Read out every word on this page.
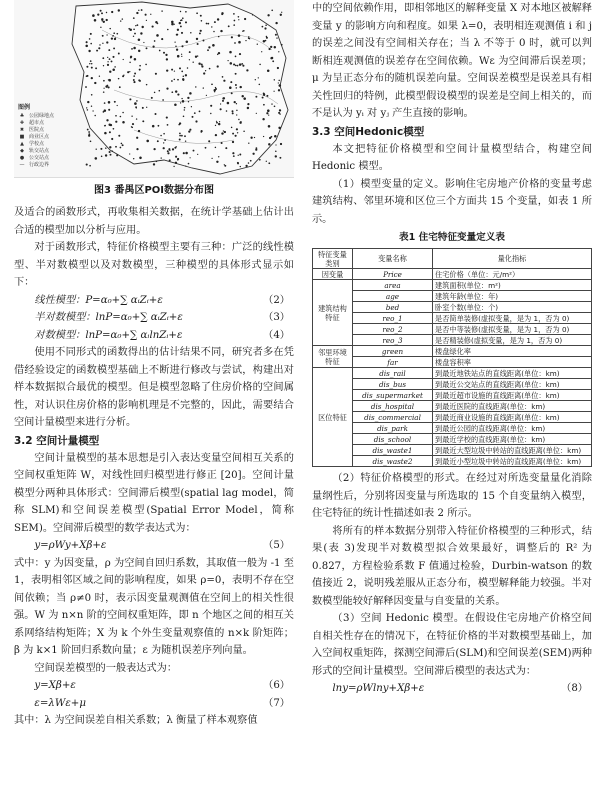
图例
♣ 公园绿地点
✚ 超市点
✖ 医院点
■ 商业区点
▲	学校点
◆	轨交站点
● 公交站点
— 行政边界
图3 番禺区POI数据分布图

及适合的函数形式，再收集相关数据，在统计学基础上估计出合适的模型加以分析与应用。

对于函数形式，特征价格模型主要有三种：广泛的线性模型、半对数模型以及对数模型，三种模型的具体形式显示如下：

线性模型：P=α₀+∑ αᵢZᵢ+ε	（2）
半对数模型：lnP=α₀+∑ αᵢZᵢ+ε	（3）
对数模型：lnP=α₀+∑ αᵢlnZᵢ+ε	（4）

使用不同形式的函数得出的估计结果不同，研究者多在凭借经验设定的函数模型基础上不断进行修改与尝试，构建出对样本数据拟合最优的模型。但是模型忽略了住房价格的空间属性，对认识住房价格的影响机理是不完整的，因此，需要结合空间计量模型来进行分析。

3.2 空间计量模型

空间计量模型的基本思想是引入表达变量空间相互关系的空间权重矩阵 W，对线性回归模型进行修正 [20]。空间计量模型分两种具体形式：空间滞后模型(spatial lag model，简称 SLM)和空间误差模型(Spatial Error Model，简称 SEM)。空间滞后模型的数学表达式为：

y=ρWy+Xβ+ε	（5）

式中：y 为因变量，ρ 为空间自回归系数，其取值一般为 -1 至 1，表明相邻区域之间的影响程度，如果 ρ=0，表明不存在空间依赖；当 ρ≠0 时，表示因变量观测值在空间上的相关性很强。W 为 n×n 阶的空间权重矩阵，即 n 个地区之间的相互关系网络结构矩阵；X 为 k 个外生变量观察值的 n×k 阶矩阵；β 为 k×1 阶回归系数向量；ε 为随机误差序列向量。

空间误差模型的一般表达式为：

y=Xβ+ε	（6）
ε=λWε+μ	（7）

其中：λ 为空间误差自相关系数；λ 衡量了样本观察值

中的空间依赖作用，即相邻地区的解释变量 X 对本地区被解释变量 y 的影响方向和程度。如果 λ=0，表明相连观测值 i 和 j 的误差之间没有空间相关存在；当 λ 不等于 0 时，就可以判断相连观测值的误差存在空间依赖。Wε 为空间滞后误差项；μ 为呈正态分布的随机误差向量。空间误差模型是误差具有相关性回归的特例，此模型假设模型的误差是空间上相关的，而不是认为 yᵢ 对 yⱼ 产生直接的影响。

3.3 空间Hedonic模型

本文把特征价格模型和空间计量模型结合，构建空间 Hedonic 模型。

（1）模型变量的定义。影响住宅房地产价格的变量考虑建筑结构、邻里环境和区位三个方面共 15 个变量，如表 1 所示。

表1 住宅特征变量定义表
特征变量类别	变量名称	量化指标
因变量	Price	住宅价格（单位：元/m²）
建筑结构特征	area	建筑面积(单位：m²)
	age	建筑年龄(单位：年)
	bed	卧室个数(单位：个)
	reo_1	是否简单装修(虚拟变量，是为 1，否为 0)
	reo_2	是否中等装修(虚拟变量，是为 1，否为 0)
	reo_3	是否精装修(虚拟变量，是为 1，否为 0)
邻里环境特征	green	楼盘绿化率
	far	楼盘容积率
区位特征	dis_rail	到最近地铁站点的直线距离(单位：km)
	dis_bus	到最近公交站点的直线距离(单位：km)
	dis_supermarket	到最近超市设施的直线距离(单位：km)
	dis_hospital	到最近医院的直线距离(单位：km)
	dis_commercial	到最近商业设施的直线距离(单位：km)
	dis_park	到最近公园的直线距离(单位：km)
	dis_school	到最近学校的直线距离(单位：km)
	dis_waste1	到最近大型垃圾中转站的直线距离(单位：km)
	dis_waste2	到最近小型垃圾中转站的直线距离(单位：km)

（2）特征价格模型的形式。在经过对所选变量量化消除量纲性后，分别将因变量与所选取的 15 个自变量纳入模型，住宅特征的统计性描述如表 2 所示。

将所有的样本数据分别带入特征价格模型的三种形式，结果(表 3)发现半对数模型拟合效果最好，调整后的 R² 为 0.827，方程检验系数 F 值通过检验，Durbin-watson 的数值接近 2，说明残差服从正态分布，模型解释能力较强。半对数模型能较好解释因变量与自变量的关系。

（3）空间 Hedonic 模型。在假设住宅房地产价格空间自相关性存在的情况下，在特征价格的半对数模型基础上，加入空间权重矩阵，探测空间滞后(SLM)和空间误差(SEM)两种形式的空间计量模型。空间滞后模型的表达式为：

lny=ρWlny+Xβ+ε	（8）
